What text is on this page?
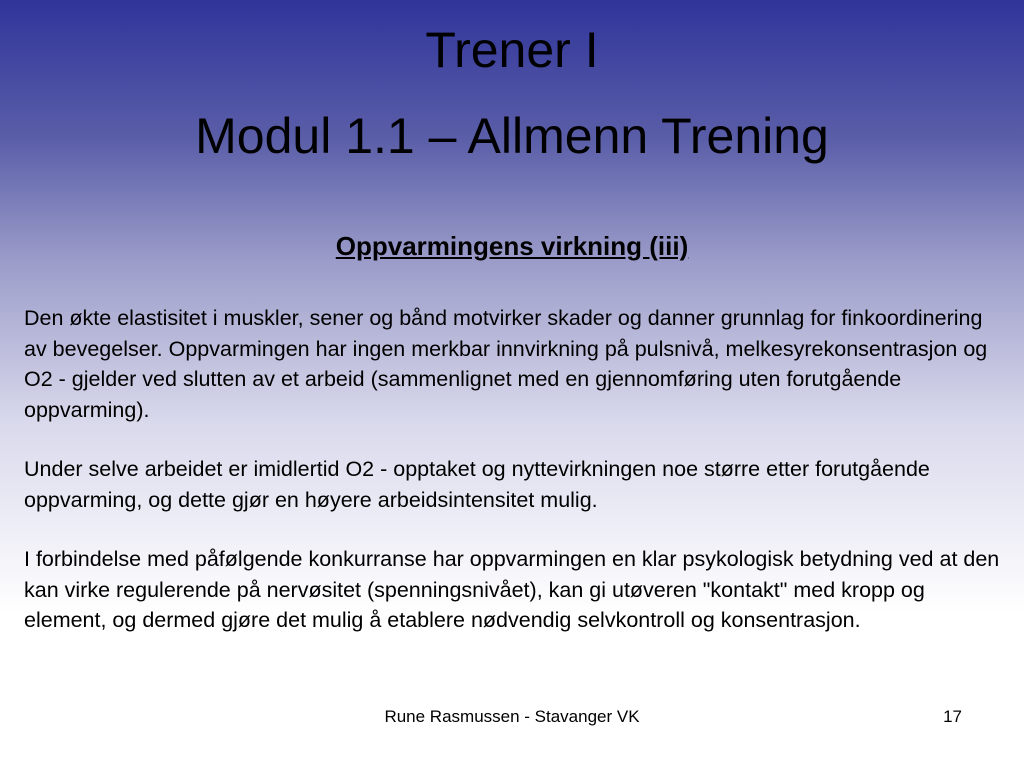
Trener I
Modul 1.1 – Allmenn Trening
Oppvarmingens virkning (iii)

Den økte elastisitet i muskler, sener og bånd motvirker skader og danner grunnlag for finkoordinering av bevegelser. Oppvarmingen har ingen merkbar innvirkning på pulsnivå, melkesyrekonsentrasjon og O2 - gjelder ved slutten av et arbeid (sammenlignet med en gjennomføring uten forutgående oppvarming).

Under selve arbeidet er imidlertid O2 - opptaket og nyttevirkningen noe større etter forutgående oppvarming, og dette gjør en høyere arbeidsintensitet mulig.

I forbindelse med påfølgende konkurranse har oppvarmingen en klar psykologisk betydning ved at den kan virke regulerende på nervøsitet (spenningsnivået), kan gi utøveren "kontakt" med kropp og element, og dermed gjøre det mulig å etablere nødvendig selvkontroll og konsentrasjon.

Rune Rasmussen - Stavanger VK	17
